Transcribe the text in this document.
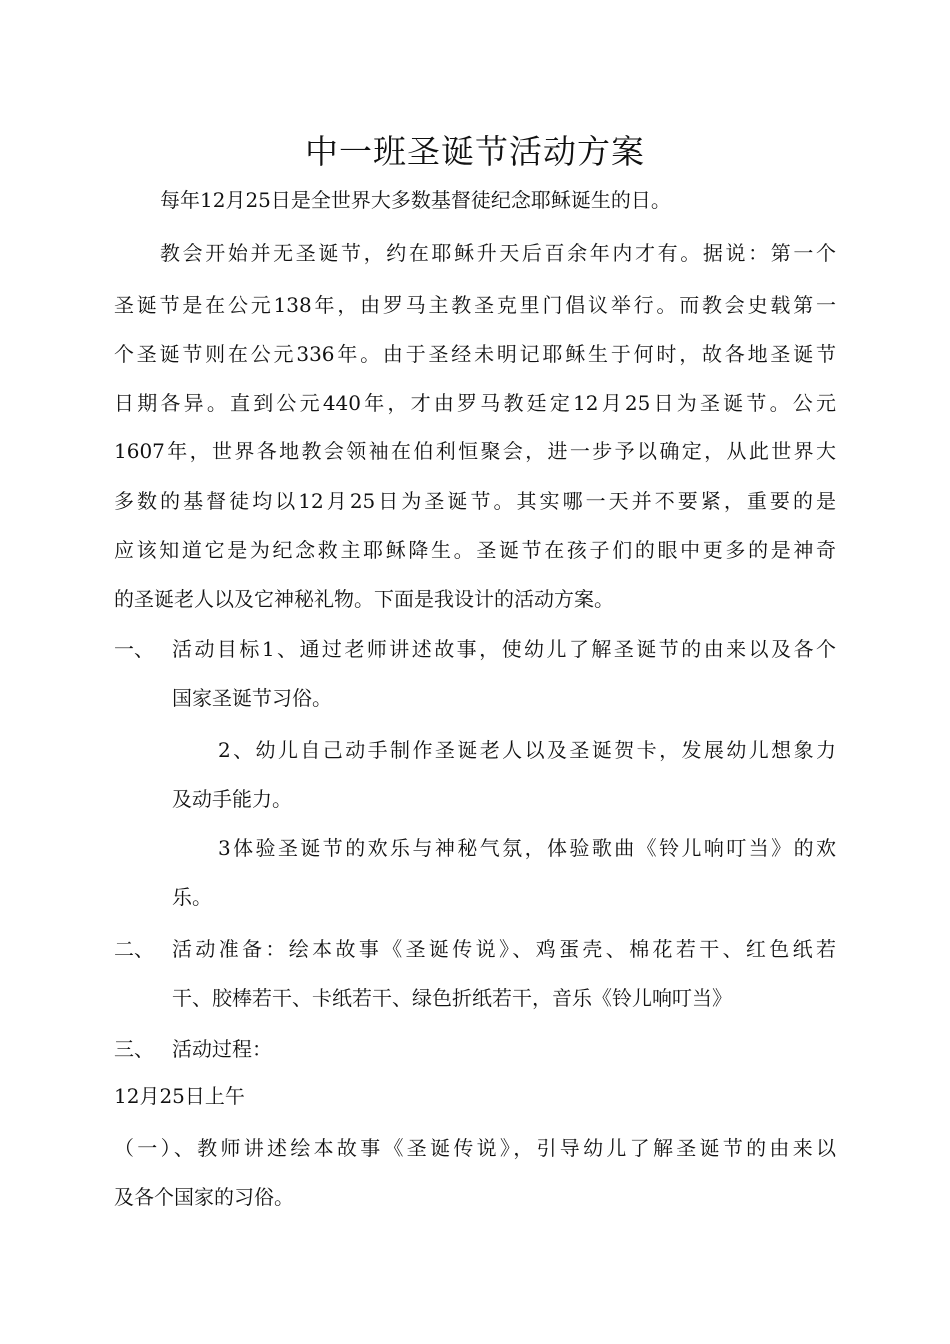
中一班圣诞节活动方案
每年12月25日是全世界大多数基督徒纪念耶稣诞生的日。
教会开始并无圣诞节，约在耶稣升天后百余年内才有。据说：第一个
圣诞节是在公元138年，由罗马主教圣克里门倡议举行。而教会史载第一
个圣诞节则在公元336年。由于圣经未明记耶稣生于何时，故各地圣诞节
日期各异。直到公元440年，才由罗马教廷定12月25日为圣诞节。公元
1607年，世界各地教会领袖在伯利恒聚会，进一步予以确定，从此世界大
多数的基督徒均以12月25日为圣诞节。其实哪一天并不要紧，重要的是
应该知道它是为纪念救主耶稣降生。圣诞节在孩子们的眼中更多的是神奇
的圣诞老人以及它神秘礼物。下面是我设计的活动方案。
一、 活动目标1、通过老师讲述故事，使幼儿了解圣诞节的由来以及各个
国家圣诞节习俗。
2、幼儿自己动手制作圣诞老人以及圣诞贺卡，发展幼儿想象力
及动手能力。
3体验圣诞节的欢乐与神秘气氛，体验歌曲《铃儿响叮当》的欢
乐。
二、 活动准备：绘本故事《圣诞传说》、鸡蛋壳、棉花若干、红色纸若
干、胶棒若干、卡纸若干、绿色折纸若干，音乐《铃儿响叮当》
三、 活动过程：
12月25日上午
（一）、教师讲述绘本故事《圣诞传说》，引导幼儿了解圣诞节的由来以
及各个国家的习俗。
